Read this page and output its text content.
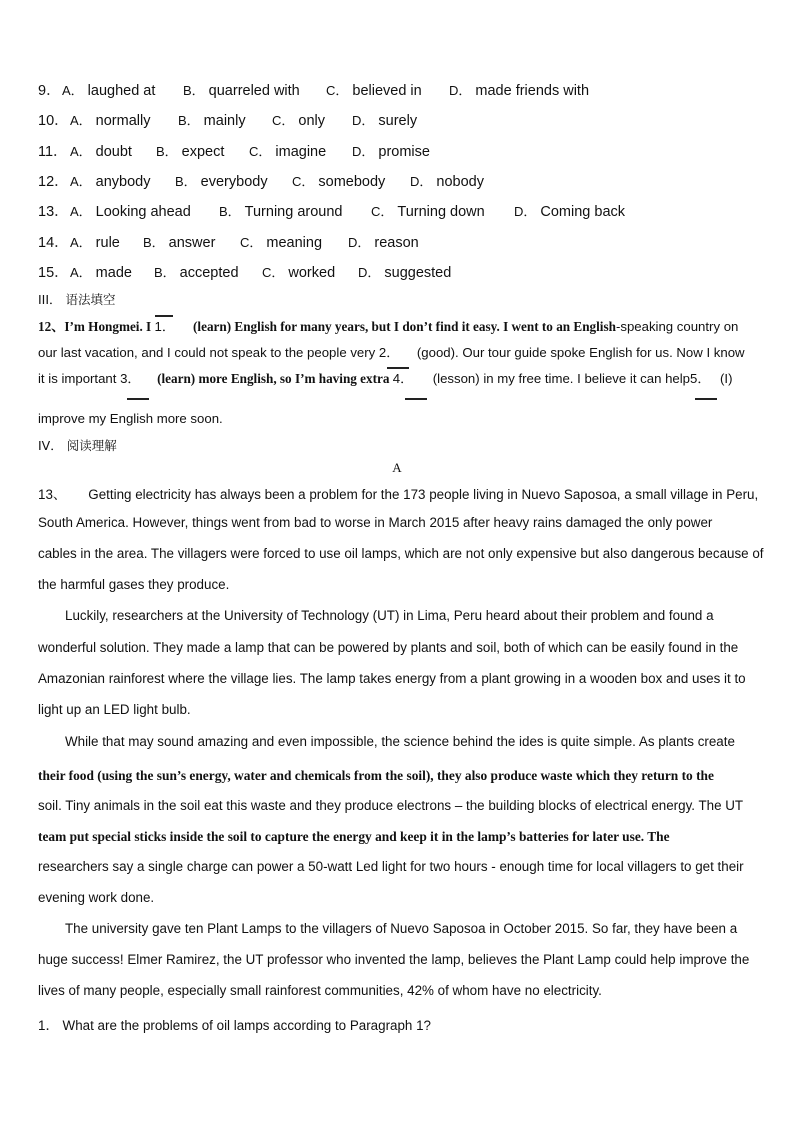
9． A． laughed at B． quarreled with C． believed in D． made friends with
10． A． normally B． mainly C． only D． surely
11． A． doubt B． expect C． imagine D． promise
12． A． anybody B． everybody C． somebody D． nobody
13． A． Looking ahead B． Turning around C． Turning down D． Coming back
14． A． rule B． answer C． meaning D． reason
15． A． made B． accepted C． worked D． suggested
III． 语法填空
12、I’m Hongmei. I 1． (learn) English for many years, but I don’t find it easy. I went to an English-speaking country on
our last vacation, and I could not speak to the people very 2． (good). Our tour guide spoke English for us. Now I know
it is important 3． (learn) more English, so I’m having extra 4． (lesson) in my free time. I believe it can help5． (I)
improve my English more soon.
IV． 阅读理解
A
13、 Getting electricity has always been a problem for the 173 people living in Nuevo Saposoa, a small village in Peru,
South America. However, things went from bad to worse in March 2015 after heavy rains damaged the only power
cables in the area. The villagers were forced to use oil lamps, which are not only expensive but also dangerous because of
the harmful gases they produce.
Luckily, researchers at the University of Technology (UT) in Lima, Peru heard about their problem and found a
wonderful solution. They made a lamp that can be powered by plants and soil, both of which can be easily found in the
Amazonian rainforest where the village lies. The lamp takes energy from a plant growing in a wooden box and uses it to
light up an LED light bulb.
While that may sound amazing and even impossible, the science behind the ides is quite simple. As plants create
their food (using the sun’s energy, water and chemicals from the soil), they also produce waste which they return to the
soil. Tiny animals in the soil eat this waste and they produce electrons – the building blocks of electrical energy. The UT
team put special sticks inside the soil to capture the energy and keep it in the lamp’s batteries for later use. The
researchers say a single charge can power a 50-watt Led light for two hours - enough time for local villagers to get their
evening work done.
The university gave ten Plant Lamps to the villagers of Nuevo Saposoa in October 2015. So far, they have been a
huge success! Elmer Ramirez, the UT professor who invented the lamp, believes the Plant Lamp could help improve the
lives of many people, especially small rainforest communities, 42% of whom have no electricity.
1． What are the problems of oil lamps according to Paragraph 1?
